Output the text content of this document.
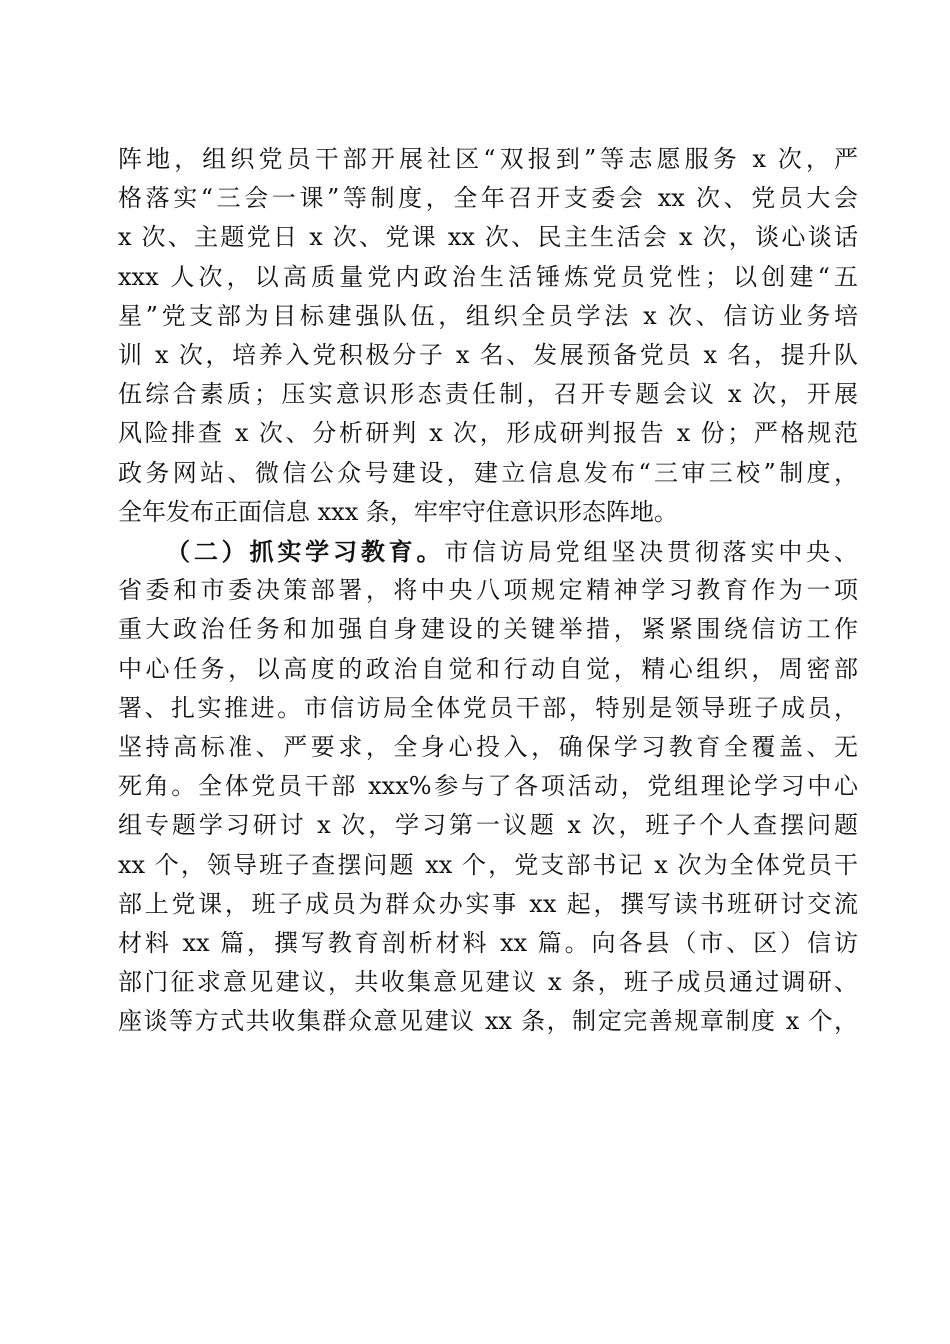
阵地，组织党员干部开展社区“双报到”等志愿服务 x 次，严
格落实“三会一课”等制度，全年召开支委会 xx 次、党员大会
x 次、主题党日 x 次、党课 xx 次、民主生活会 x 次，谈心谈话
xxx 人次，以高质量党内政治生活锤炼党员党性；以创建“五
星”党支部为目标建强队伍，组织全员学法 x 次、信访业务培
训 x 次，培养入党积极分子 x 名、发展预备党员 x 名，提升队
伍综合素质；压实意识形态责任制，召开专题会议 x 次，开展
风险排查 x 次、分析研判 x 次，形成研判报告 x 份；严格规范
政务网站、微信公众号建设，建立信息发布“三审三校”制度，
全年发布正面信息 xxx 条，牢牢守住意识形态阵地。
（二）抓实学习教育。市信访局党组坚决贯彻落实中央、
省委和市委决策部署，将中央八项规定精神学习教育作为一项
重大政治任务和加强自身建设的关键举措，紧紧围绕信访工作
中心任务，以高度的政治自觉和行动自觉，精心组织，周密部
署、扎实推进。市信访局全体党员干部，特别是领导班子成员，
坚持高标准、严要求，全身心投入，确保学习教育全覆盖、无
死角。全体党员干部 xxx%参与了各项活动，党组理论学习中心
组专题学习研讨 x 次，学习第一议题 x 次，班子个人查摆问题
xx 个，领导班子查摆问题 xx 个，党支部书记 x 次为全体党员干
部上党课，班子成员为群众办实事 xx 起，撰写读书班研讨交流
材料 xx 篇，撰写教育剖析材料 xx 篇。向各县（市、区）信访
部门征求意见建议，共收集意见建议 x 条，班子成员通过调研、
座谈等方式共收集群众意见建议 xx 条，制定完善规章制度 x 个，
